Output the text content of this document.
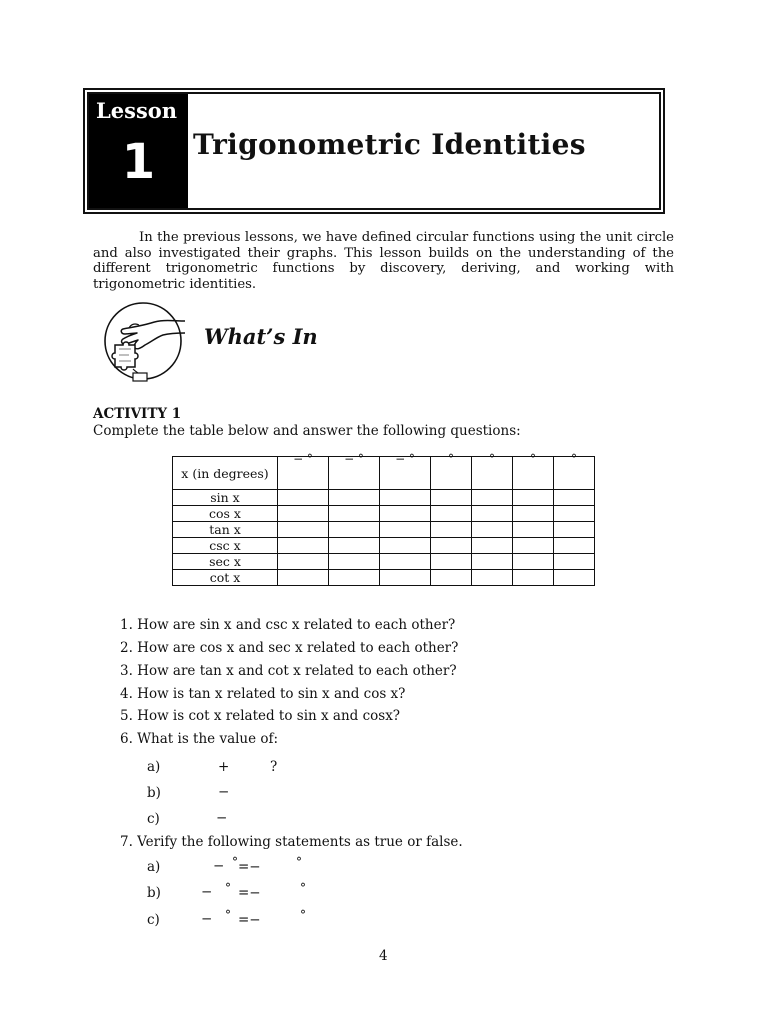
Lesson
1	Trigonometric Identities

In the previous lessons, we have defined circular functions using the unit circle and also investigated their graphs. This lesson builds on the understanding of the different trigonometric functions by discovery, deriving, and working with trigonometric identities.

What’s In
ACTIVITY 1
Complete the table below and answer the following questions:
x (in degrees)	− °	− °	− °	°	°	°	°
sin x							
cos x							
tan x							
csc x							
sec x							
cot x							
1. How are sin x and csc x related to each other?
2. How are cos x and sec x related to each other?
3. How are tan x and cot x related to each other?
4. How is tan x related to sin x and cos x?
5. How is cot x related to sin x and cosx?
6. What is the value of:
a)	+	?
b)	−
c)	−
7. Verify the following statements as true or false.
a)	− ° =−	°
b)	− ° =−	°
c)	− ° =−	°
4
